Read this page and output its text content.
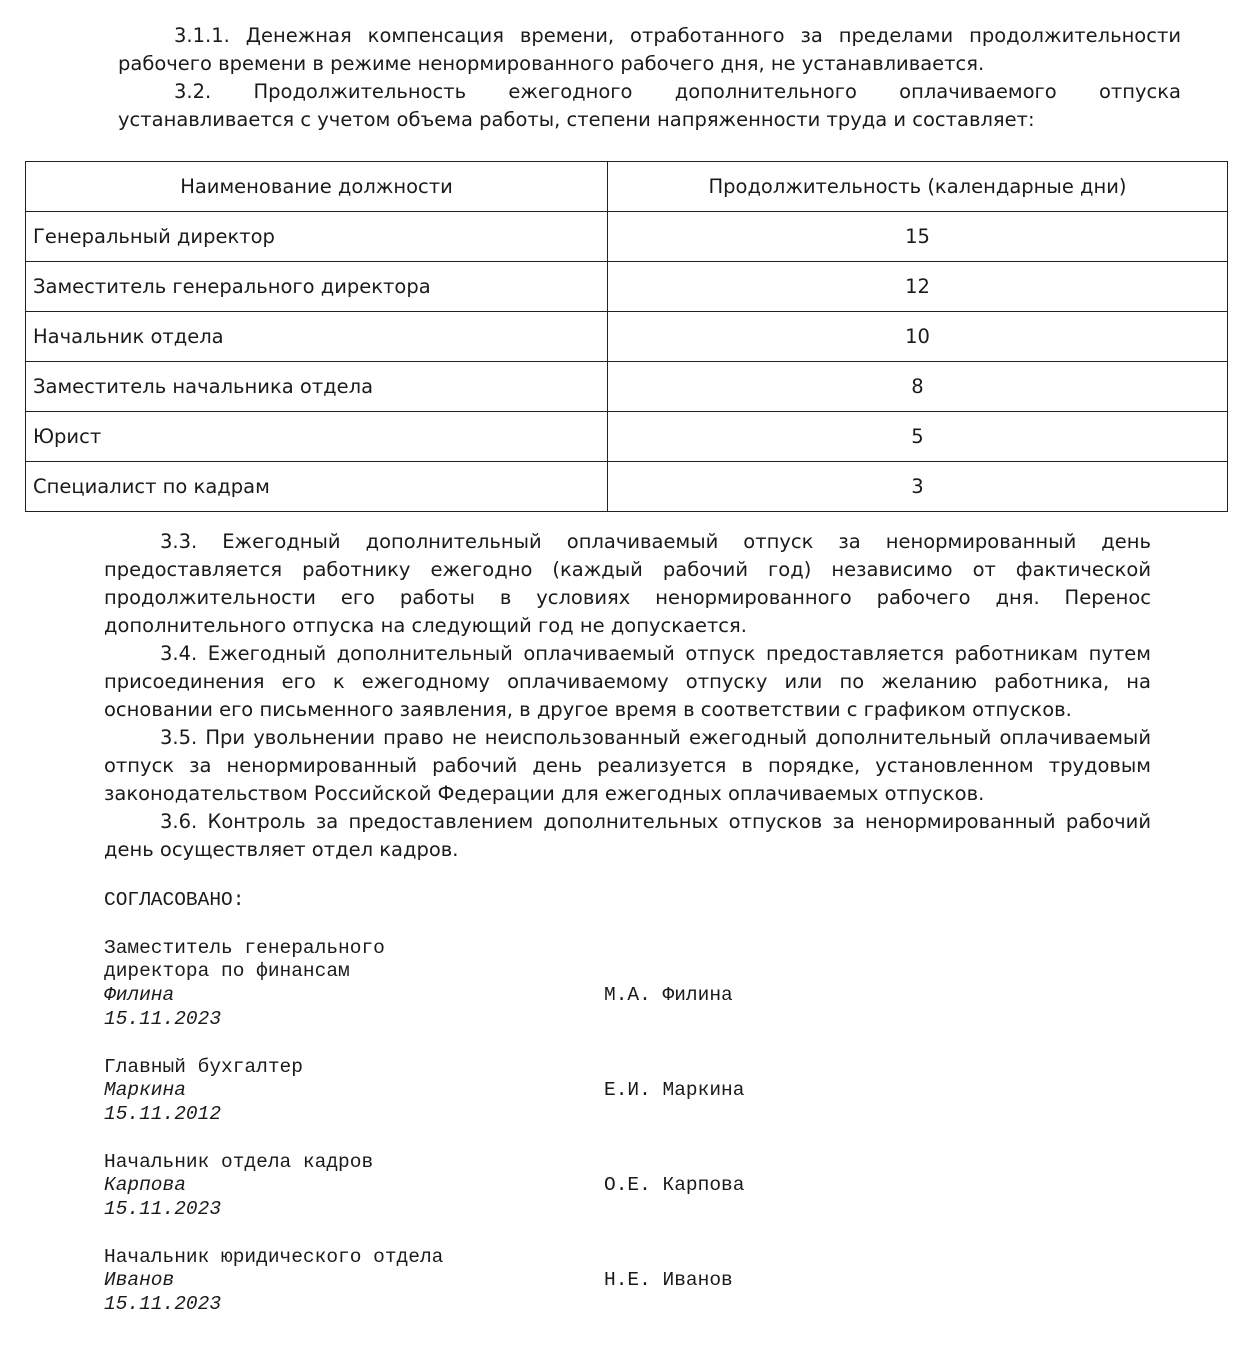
3.1.1. Денежная компенсация времени, отработанного за пределами продолжительности рабочего времени в режиме ненормированного рабочего дня, не устанавливается.

3.2. Продолжительность ежегодного дополнительного оплачиваемого отпуска устанавливается с учетом объема работы, степени напряженности труда и составляет:

Наименование должности	Продолжительность (календарные дни)
Генеральный директор	15
Заместитель генерального директора	12
Начальник отдела	10
Заместитель начальника отдела	8
Юрист	5
Специалист по кадрам	3

3.3. Ежегодный дополнительный оплачиваемый отпуск за ненормированный день предоставляется работнику ежегодно (каждый рабочий год) независимо от фактической продолжительности его работы в условиях ненормированного рабочего дня. Перенос дополнительного отпуска на следующий год не допускается.

3.4. Ежегодный дополнительный оплачиваемый отпуск предоставляется работникам путем присоединения его к ежегодному оплачиваемому отпуску или по желанию работника, на основании его письменного заявления, в другое время в соответствии с графиком отпусков.

3.5. При увольнении право не неиспользованный ежегодный дополнительный оплачиваемый отпуск за ненормированный рабочий день реализуется в порядке, установленном трудовым законодательством Российской Федерации для ежегодных оплачиваемых отпусков.

3.6. Контроль за предоставлением дополнительных отпусков за ненормированный рабочий день осуществляет отдел кадров.

СОГЛАСОВАНО:
Заместитель генерального
директора по финансам
Филина	М.А. Филина
15.11.2023
Главный бухгалтер
Маркина	Е.И. Маркина
15.11.2012
Начальник отдела кадров
Карпова	О.Е. Карпова
15.11.2023
Начальник юридического отдела
Иванов	Н.Е. Иванов
15.11.2023
